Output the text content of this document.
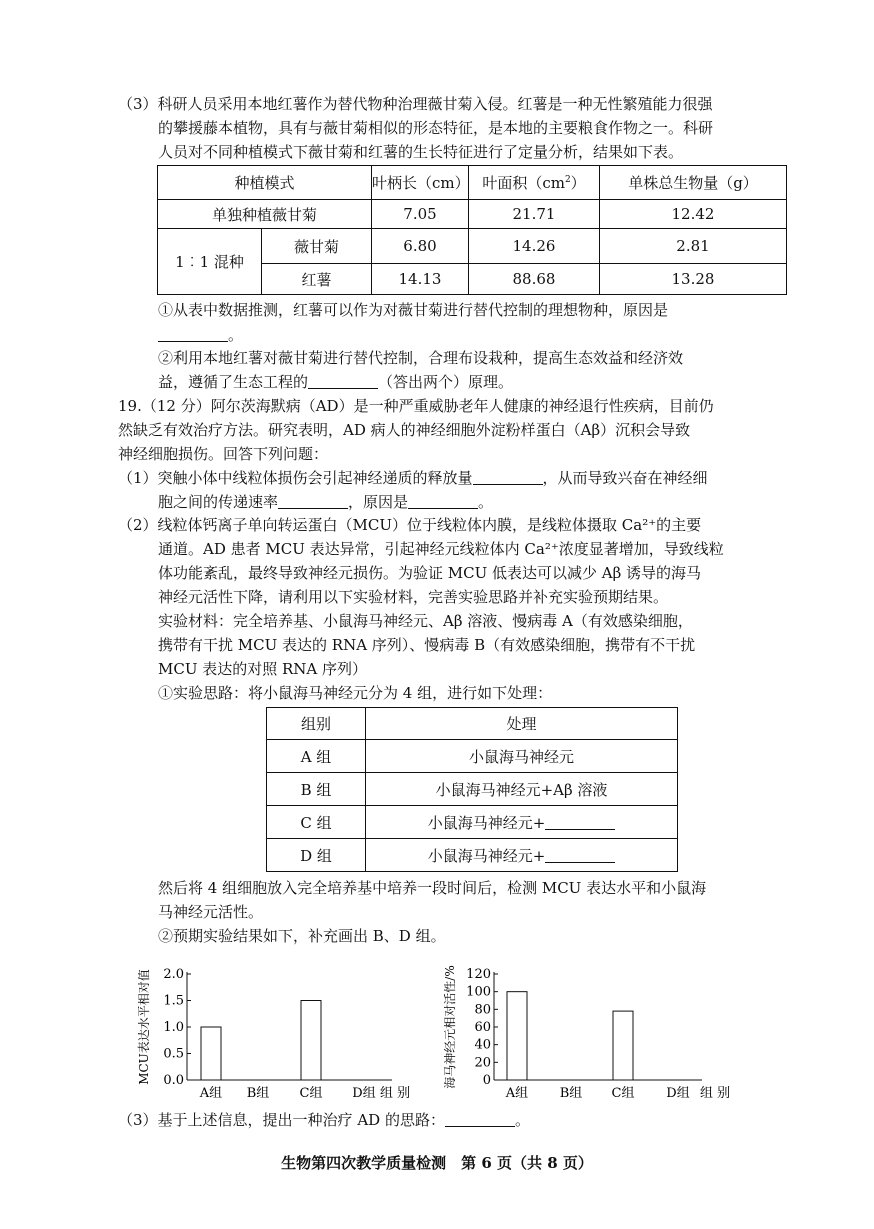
（3）科研人员采用本地红薯作为替代物种治理薇甘菊入侵。红薯是一种无性繁殖能力很强
的攀援藤本植物，具有与薇甘菊相似的形态特征，是本地的主要粮食作物之一。科研
人员对不同种植模式下薇甘菊和红薯的生长特征进行了定量分析，结果如下表。
种植模式		叶柄长（cm）	叶面积$(cm^2)$	单株总生物量（g）
单独种植薇甘菊		7.05	21.71	12.42
1︰1 混种	薇甘菊	6.80	14.26	2.81
	红薯	14.13	88.68	13.28
①从表中数据推测，红薯可以作为对薇甘菊进行替代控制的理想物种，原因是
。
②利用本地红薯对薇甘菊进行替代控制，合理布设栽种，提高生态效益和经济效
益，遵循了生态工程的	（答出两个）原理。
19.（12 分）阿尔茨海默病（AD）是一种严重威胁老年人健康的神经退行性疾病，目前仍
然缺乏有效治疗方法。研究表明，AD 病人的神经细胞外淀粉样蛋白（Aβ）沉积会导致
神经细胞损伤。回答下列问题：
（1）突触小体中线粒体损伤会引起神经递质的释放量	，从而导致兴奋在神经细
胞之间的传递速率	，原因是	。
（2）线粒体钙离子单向转运蛋白（MCU）位于线粒体内膜，是线粒体摄取 Ca²⁺的主要
通道。AD 患者 MCU 表达异常，引起神经元线粒体内 Ca²⁺浓度显著增加，导致线粒
体功能紊乱，最终导致神经元损伤。为验证 MCU 低表达可以减少 Aβ 诱导的海马
神经元活性下降，请利用以下实验材料，完善实验思路并补充实验预期结果。
实验材料：完全培养基、小鼠海马神经元、Aβ 溶液、慢病毒 A（有效感染细胞，
携带有干扰 MCU 表达的 RNA 序列）、慢病毒 B（有效感染细胞，携带有不干扰
MCU 表达的对照 RNA 序列）
①实验思路：将小鼠海马神经元分为 4 组，进行如下处理：
组别	处理
A 组	小鼠海马神经元
B 组	小鼠海马神经元+Aβ 溶液
C 组	小鼠海马神经元+
D 组	小鼠海马神经元+
然后将 4 组细胞放入完全培养基中培养一段时间后，检测 MCU 表达水平和小鼠海
马神经元活性。
②预期实验结果如下，补充画出 B、D 组。
MCU表达水平相对值 0.0
0.5
1.0
1.5
2.0
A组 B组 C组 D组 组 别
海马神经元相对活性/% 0
20
40
60
80
100
120
A组 B组 C组 D组 组 别
（3）基于上述信息，提出一种治疗 AD 的思路：	。
生物第四次教学质量检测　第 6 页（共 8 页）
